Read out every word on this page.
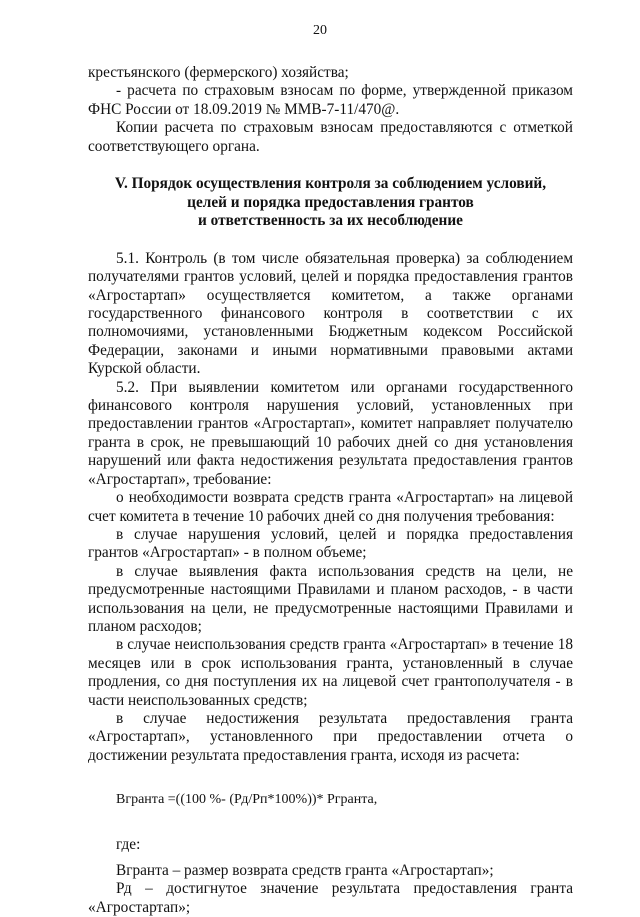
20

крестьянского (фермерского) хозяйства;

- расчета по страховым взносам по форме, утвержденной приказом ФНС России от 18.09.2019 № ММВ-7-11/470@.

Копии расчета по страховым взносам предоставляются с отметкой соответствующего органа.

V. Порядок осуществления контроля за соблюдением условий,
целей и порядка предоставления грантов
и ответственность за их несоблюдение

5.1. Контроль (в том числе обязательная проверка) за соблюдением получателями грантов условий, целей и порядка предоставления грантов «Агростартап» осуществляется комитетом, а также органами государственного финансового контроля в соответствии с их полномочиями, установленными Бюджетным кодексом Российской Федерации, законами и иными нормативными правовыми актами Курской области.

5.2. При выявлении комитетом или органами государственного финансового контроля нарушения условий, установленных при предоставлении грантов «Агростартап», комитет направляет получателю гранта в срок, не превышающий 10 рабочих дней со дня установления нарушений или факта недостижения результата предоставления грантов «Агростартап», требование:

о необходимости возврата средств гранта «Агростартап» на лицевой счет комитета в течение 10 рабочих дней со дня получения требования:

в случае нарушения условий, целей и порядка предоставления грантов «Агростартап» - в полном объеме;

в случае выявления факта использования средств на цели, не предусмотренные настоящими Правилами и планом расходов, - в части использования на цели, не предусмотренные настоящими Правилами и планом расходов;

в случае неиспользования средств гранта «Агростартап» в течение 18 месяцев или в срок использования гранта, установленный в случае продления, со дня поступления их на лицевой счет грантополучателя - в части неиспользованных средств;

в случае недостижения результата предоставления гранта «Агростартап», установленного при предоставлении отчета о достижении результата предоставления гранта, исходя из расчета:

Вгранта =((100 %- (Рд/Рп*100%))* Ргранта,

где:

Вгранта – размер возврата средств гранта «Агростартап»;

Рд – достигнутое значение результата предоставления гранта «Агростартап»;
